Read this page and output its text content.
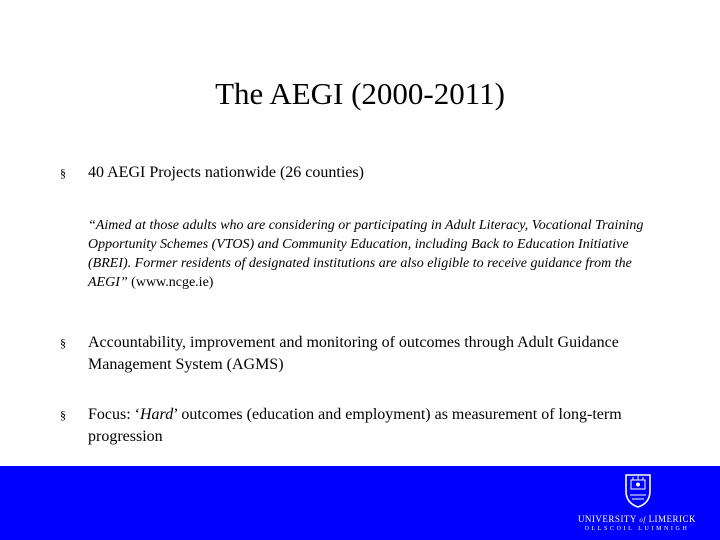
The AEGI (2000-2011)
§ 40 AEGI Projects nationwide (26 counties)
“Aimed at those adults who are considering or participating in Adult Literacy, Vocational Training Opportunity Schemes (VTOS) and Community Education, including Back to Education Initiative (BREI). Former residents of designated institutions are also eligible to receive guidance from the AEGI” (www.ncge.ie)
§ Accountability, improvement and monitoring of outcomes through Adult Guidance Management System (AGMS)
§ Focus: ‘Hard’ outcomes (education and employment) as measurement of long-term progression
UNIVERSITY of LIMERICK
OLLSCOIL LUIMNIGH
